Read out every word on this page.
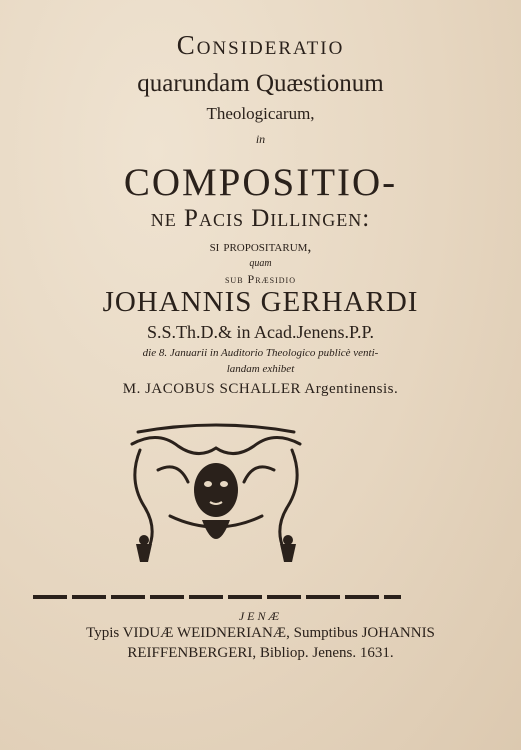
Consideratio
quarundam Quæstionum
Theologicarum,
in
COMPOSITIO-
ne Pacis Dillingen:
si propositarum,
quam
sub Præsidio
JOHANNIS GERHARDI
S.S.Th.D.& in Acad.Jenens.P.P.
die 8. Januarii in Auditorio Theologico publicè venti-
landam exhibet
M. JACOBUS SCHALLER Argentinensis.
JENÆ
Typis VIDUÆ WEIDNERIANÆ, Sumptibus JOHANNIS
REIFFENBERGERI, Bibliop. Jenens. 1631.
